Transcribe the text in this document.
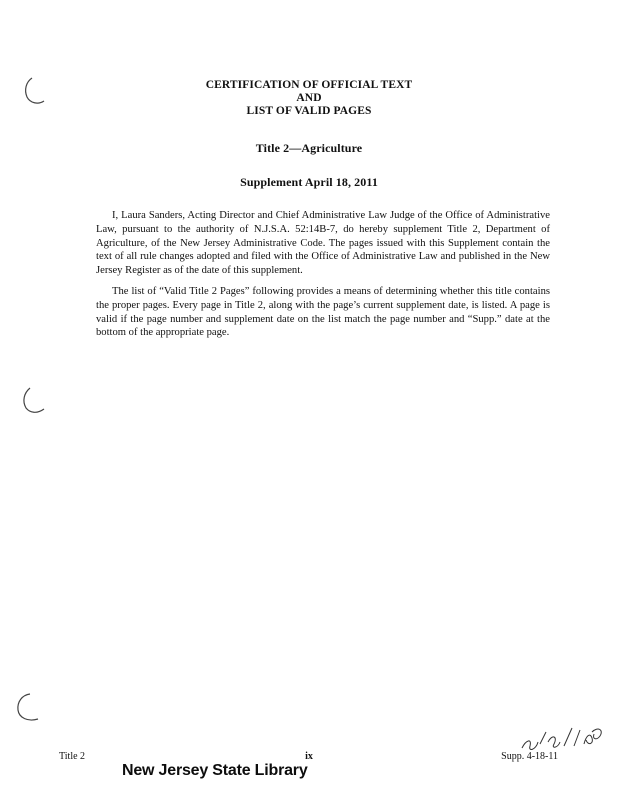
CERTIFICATION OF OFFICIAL TEXT
AND
LIST OF VALID PAGES
Title 2—Agriculture
Supplement April 18, 2011

I, Laura Sanders, Acting Director and Chief Administrative Law Judge of the Office of Administrative Law, pursuant to the authority of N.J.S.A. 52:14B-7, do hereby supplement Title 2, Department of Agriculture, of the New Jersey Administrative Code. The pages issued with this Supplement contain the text of all rule changes adopted and filed with the Office of Administrative Law and published in the New Jersey Register as of the date of this supplement.

The list of “Valid Title 2 Pages” following provides a means of determining whether this title contains the proper pages. Every page in Title 2, along with the page’s current supplement date, is listed. A page is valid if the page number and supplement date on the list match the page number and “Supp.” date at the bottom of the appropriate page.

Title 2	ix	Supp. 4-18-11
New Jersey State Library
